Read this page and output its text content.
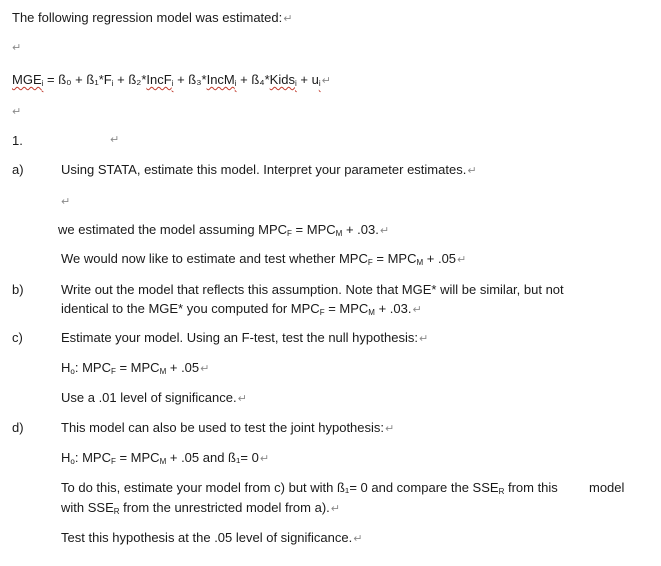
The following regression model was estimated:↵
↵
$MGE_i$ = ß₀ + $ß_1*F_i$ + ß₂*IncF$_i$ + ß₃*IncM$_i$ + ß₄*Kids$_i$ + $u_i↵$
↵
1.	↵
a)	Using STATA, estimate this model. Interpret your parameter estimates.↵
↵
we estimated the model assuming $MPC_F = MPC_M$ + .03.↵
We would now like to estimate and test whether $MPC_F = MPC_M$ + .05↵
b)	Write out the model that reflects this assumption. Note that MGE* will be similar, but not
identical to the MGE* you computed for $MPC_F = MPC_M$ + .03.↵
c)	Estimate your model. Using an F-test, test the null hypothesis:↵
$H_o$: $MPC_F = MPC_M$ + .05↵
Use a .01 level of significance.↵
d)	This model can also be used to test the joint hypothesis:↵
$H_o$: $MPC_F = MPC_M + .05$ and ß₁= 0↵
To do this, estimate your model from c) but with ß₁= 0 and compare the $SSE_R$ from this model
with $SSE_R$ from the unrestricted model from a).↵
Test this hypothesis at the .05 level of significance.↵
